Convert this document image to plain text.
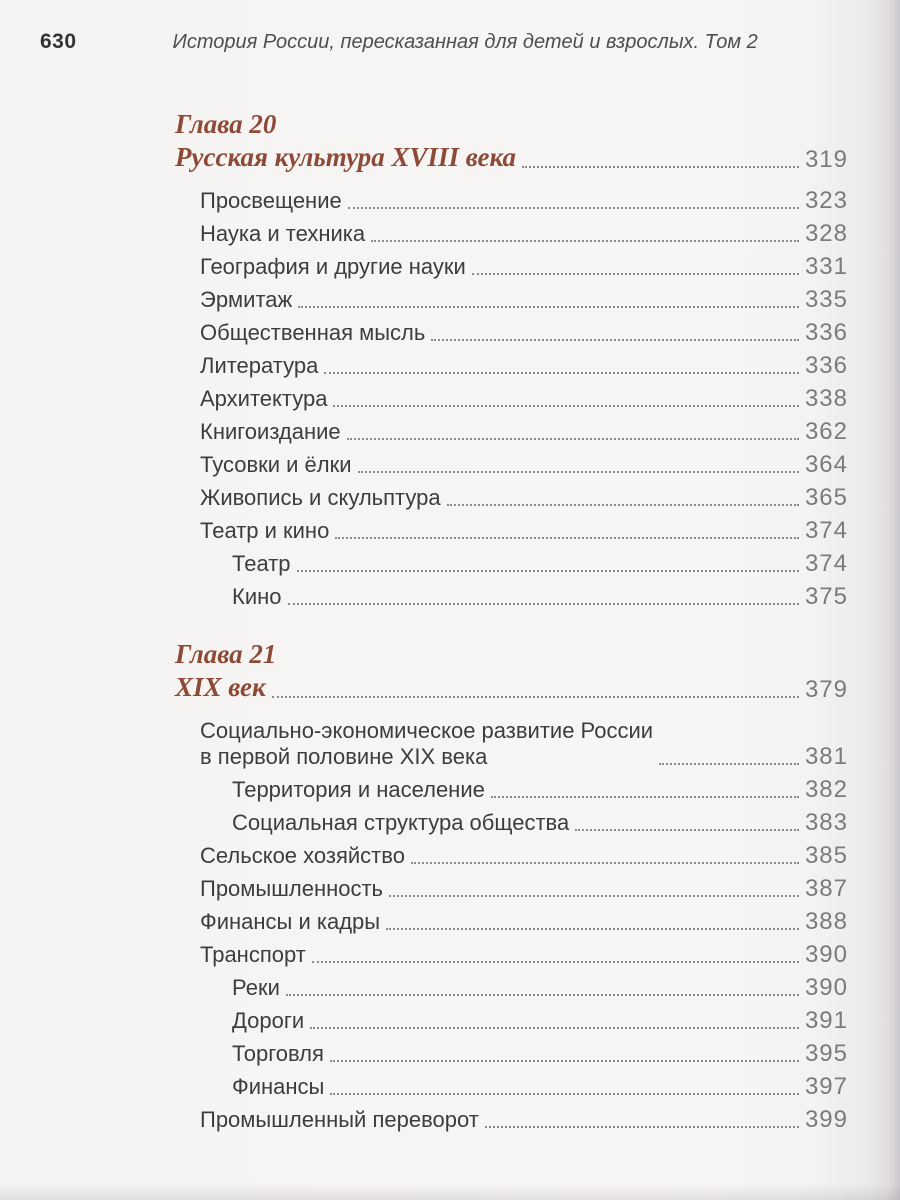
630	История России, пересказанная для детей и взрослых. Том 2
Глава 20
Русская культура XVIII века	319
Просвещение	323
Наука и техника	328
География и другие науки	331
Эрмитаж	335
Общественная мысль	336
Литература	336
Архитектура	338
Книгоиздание	362
Тусовки и ёлки	364
Живопись и скульптура	365
Театр и кино	374
Театр	374
Кино	375
Глава 21
XIX век	379
Социально-экономическое развитие России
в первой половине XIX века	381
Территория и население	382
Социальная структура общества	383
Сельское хозяйство	385
Промышленность	387
Финансы и кадры	388
Транспорт	390
Реки	390
Дороги	391
Торговля	395
Финансы	397
Промышленный переворот	399
